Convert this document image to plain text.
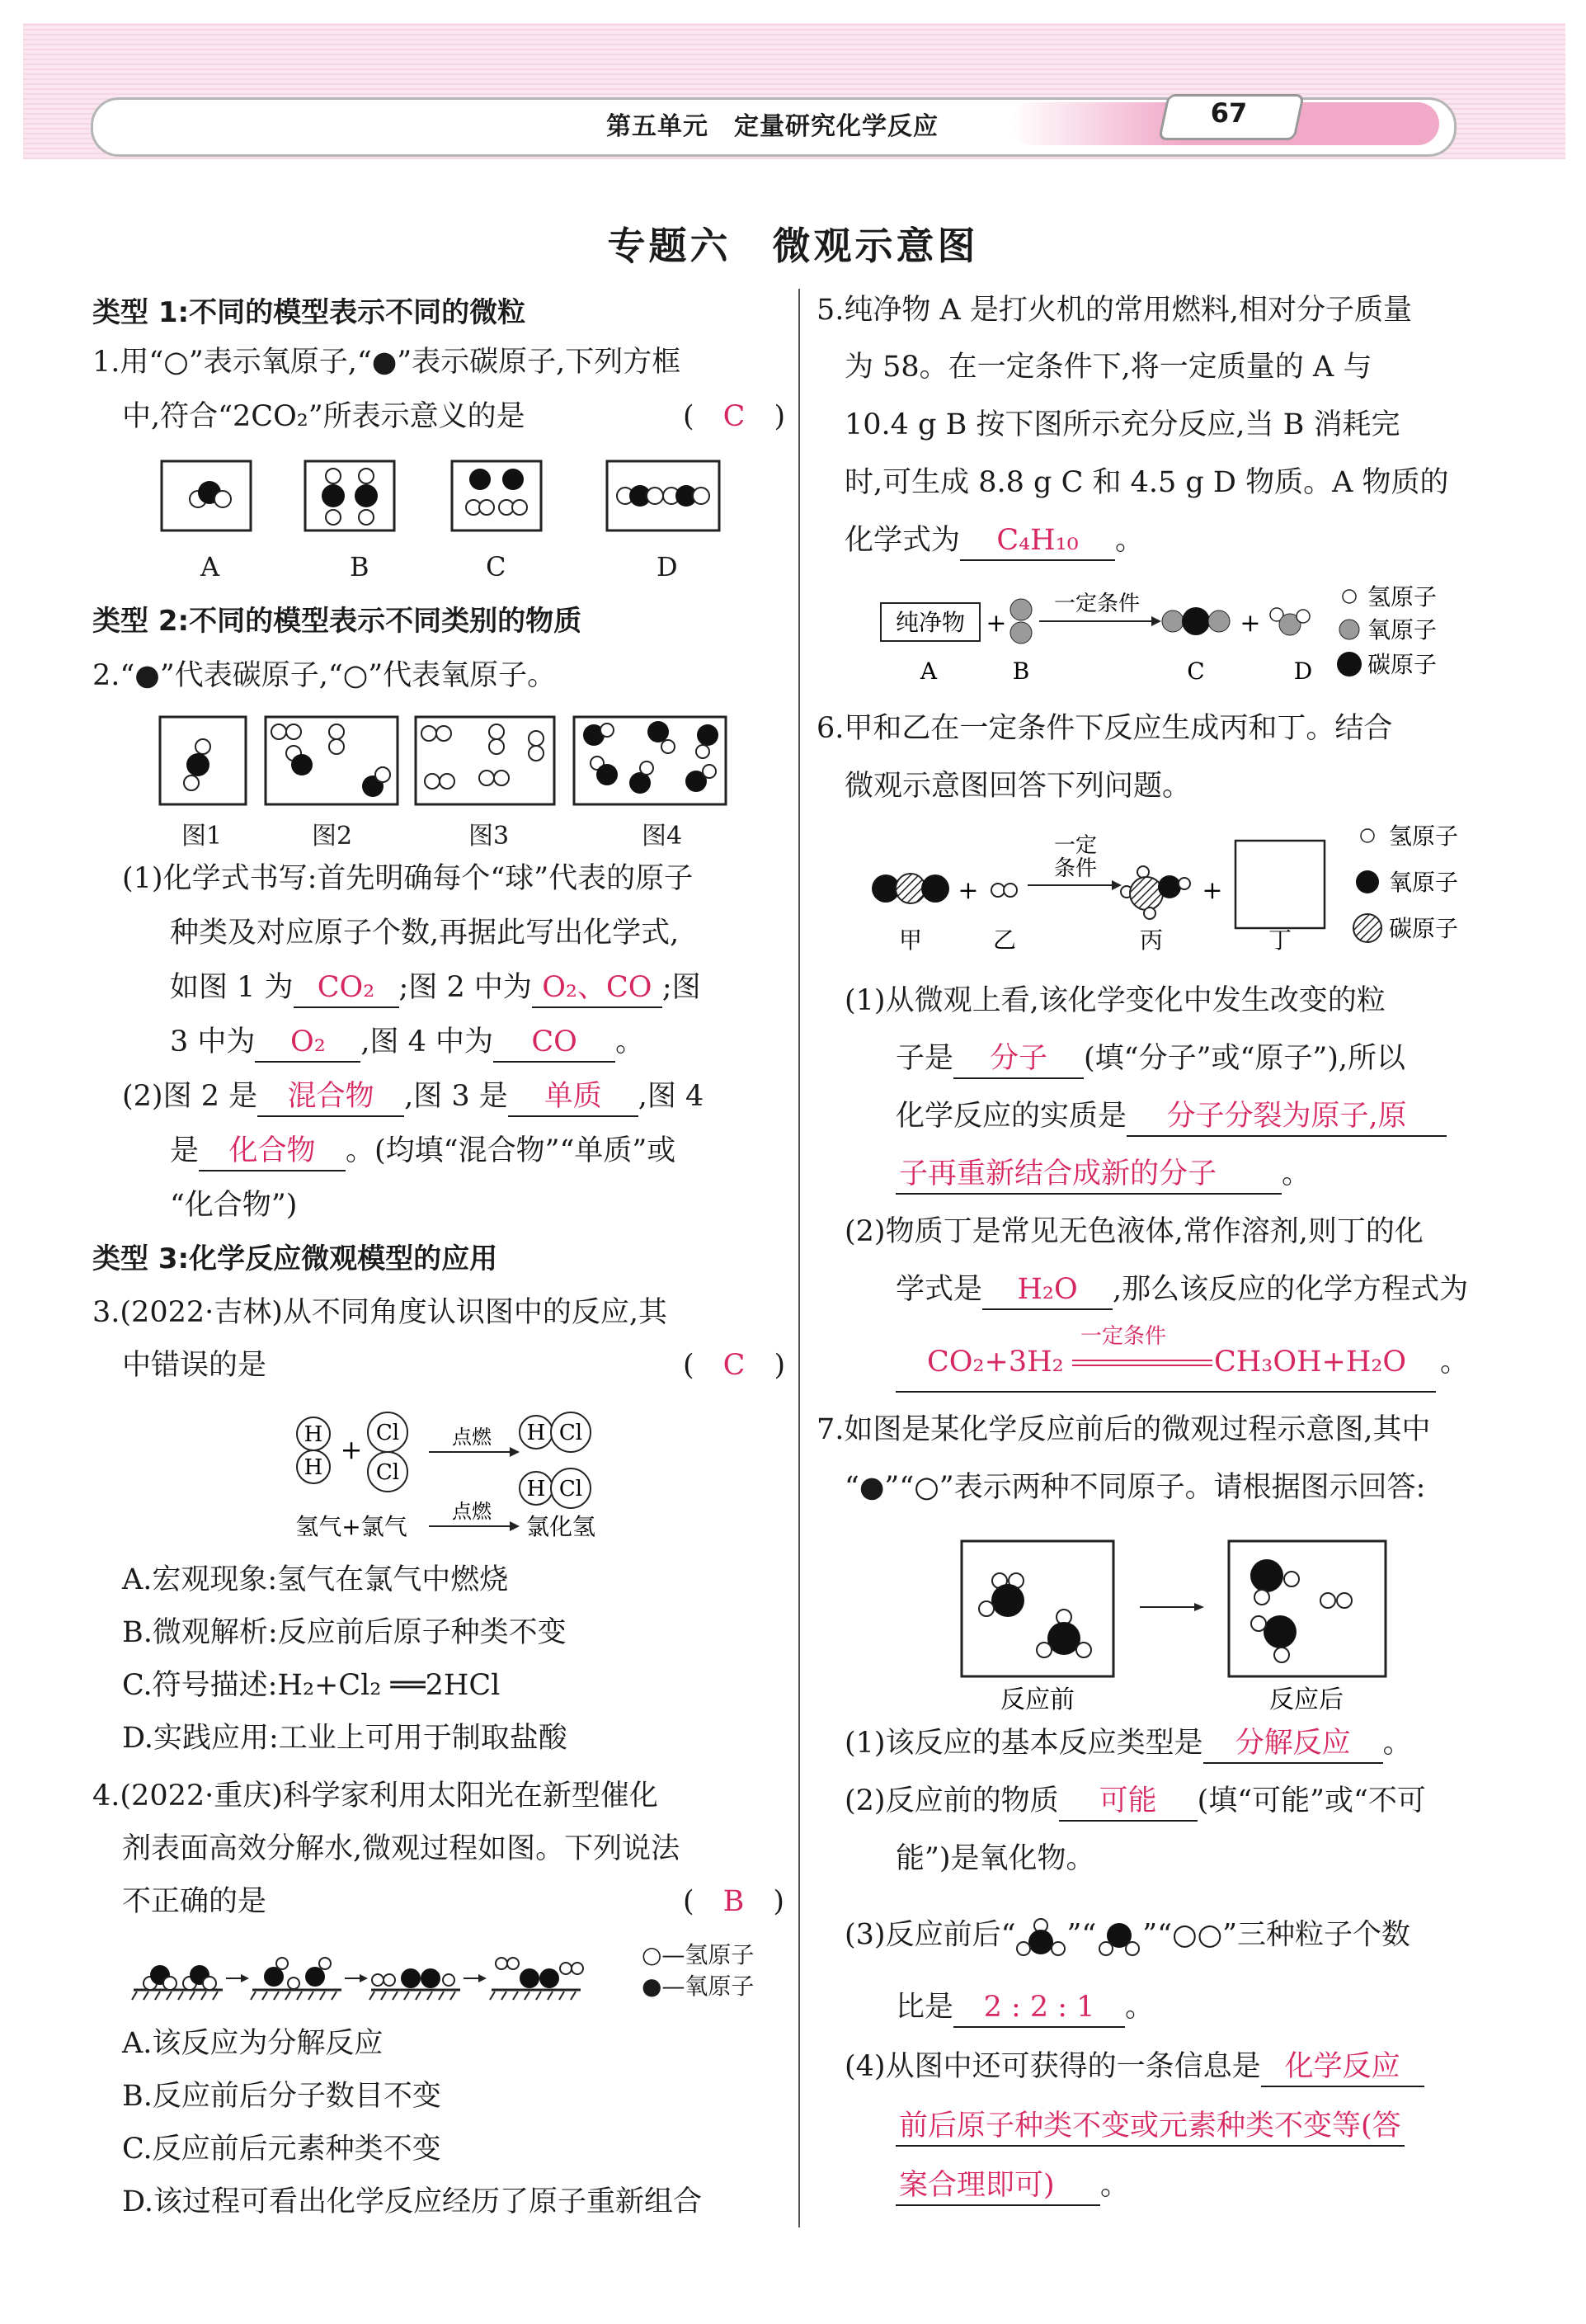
第五单元　定量研究化学反应	67
专题六　微观示意图
类型 1:不同的模型表示不同的微粒
1.用“○”表示氧原子,“●”表示碳原子,下列方框
中,符合“2CO₂”所表示意义的是	(　C　)
A	B	C	D
类型 2:不同的模型表示不同类别的物质
2.“●”代表碳原子,“○”代表氧原子。
图1	图2	图3	图4
(1)化学式书写:首先明确每个“球”代表的原子
种类及对应原子个数,再据此写出化学式,
如图 1 为 CO₂ ;图 2 中为 O₂、CO ;图
3 中为 O₂ ,图 4 中为 CO 。
(2)图 2 是 混合物 ,图 3 是 单质 ,图 4
是 化合物 。(均填“混合物”“单质”或
“化合物”)
类型 3:化学反应微观模型的应用
3.(2022·吉林)从不同角度认识图中的反应,其
中错误的是	(　C　)
H
H
+
Cl
Cl
点燃 H Cl
H Cl
点燃
氢气+氯气	氯化氢
A.宏观现象:氢气在氯气中燃烧
B.微观解析:反应前后原子种类不变
C.符号描述:H₂+Cl₂ ══2HCl
D.实践应用:工业上可用于制取盐酸
4.(2022·重庆)科学家利用太阳光在新型催化
剂表面高效分解水,微观过程如图。下列说法
不正确的是	(　B　)
○—氢原子
●—氧原子
A.该反应为分解反应
B.反应前后分子数目不变
C.反应前后元素种类不变
D.该过程可看出化学反应经历了原子重新组合
5.纯净物 A 是打火机的常用燃料,相对分子质量
为 58。在一定条件下,将一定质量的 A 与
10.4 g B 按下图所示充分反应,当 B 消耗完
时,可生成 8.8 g C 和 4.5 g D 物质。A 物质的
化学式为 C₄H₁₀ 。
纯净物 +
一定条件
+
氢原子
氧原子
碳原子
A	B	C	D
6.甲和乙在一定条件下反应生成丙和丁。结合
微观示意图回答下列问题。
+
一定
条件
+
氢原子
氧原子
碳原子
甲	乙	丙	丁
(1)从微观上看,该化学变化中发生改变的粒
子是 分子 (填“分子”或“原子”),所以
化学反应的实质是 分子分裂为原子,原
子再重新结合成新的分子 。
(2)物质丁是常见无色液体,常作溶剂,则丁的化
学式是 H₂O ,那么该反应的化学方程式为
CO₂+3H₂
一定条件
CH₃OH+H₂O 。
7.如图是某化学反应前后的微观过程示意图,其中
“●”“○”表示两种不同原子。请根据图示回答:
反应前	反应后
(1)该反应的基本反应类型是 分解反应 。
(2)反应前的物质 可能 (填“可能”或“不可
能”)是氧化物。
(3)反应前后“ ”“ ”“○○”三种粒子个数
比是 2 : 2 : 1 。
(4)从图中还可获得的一条信息是 化学反应
前后原子种类不变或元素种类不变等(答
案合理即可) 。
